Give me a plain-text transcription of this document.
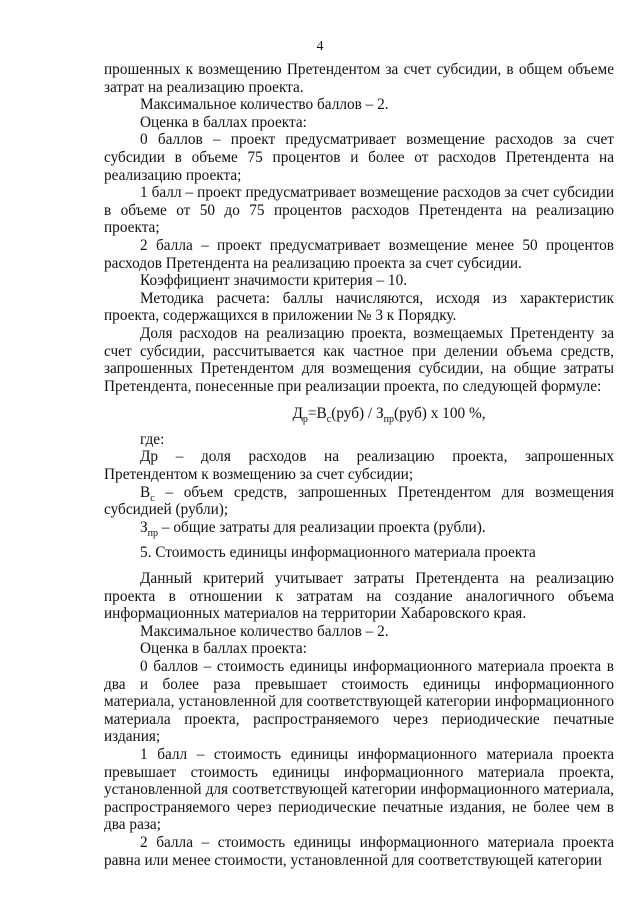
4

прошенных к возмещению Претендентом за счет субсидии, в общем объеме затрат на реализацию проекта.

Максимальное количество баллов – 2.

Оценка в баллах проекта:

0 баллов – проект предусматривает возмещение расходов за счет субсидии в объеме 75 процентов и более от расходов Претендента на реализацию проекта;

1 балл – проект предусматривает возмещение расходов за счет субсидии в объеме от 50 до 75 процентов расходов Претендента на реализацию проекта;

2 балла – проект предусматривает возмещение менее 50 процентов расходов Претендента на реализацию проекта за счет субсидии.

Коэффициент значимости критерия – 10.

Методика расчета: баллы начисляются, исходя из характеристик проекта, содержащихся в приложении № 3 к Порядку.

Доля расходов на реализацию проекта, возмещаемых Претенденту за счет субсидии, рассчитывается как частное при делении объема средств, запрошенных Претендентом для возмещения субсидии, на общие затраты Претендента, понесенные при реализации проекта, по следующей формуле:

$Д_р=В_с(руб) / З_{пр}(руб)$ x 100 %,

где:

Др – доля расходов на реализацию проекта, запрошенных Претендентом к возмещению за счет субсидии;

$В_с$ – объем средств, запрошенных Претендентом для возмещения субсидией (рубли);

$З_{пр}$ – общие затраты для реализации проекта (рубли).

5. Стоимость единицы информационного материала проекта

Данный критерий учитывает затраты Претендента на реализацию проекта в отношении к затратам на создание аналогичного объема информационных материалов на территории Хабаровского края.

Максимальное количество баллов – 2.

Оценка в баллах проекта:

0 баллов – стоимость единицы информационного материала проекта в два и более раза превышает стоимость единицы информационного материала, установленной для соответствующей категории информационного материала проекта, распространяемого через периодические печатные издания;

1 балл – стоимость единицы информационного материала проекта превышает стоимость единицы информационного материала проекта, установленной для соответствующей категории информационного материала, распространяемого через периодические печатные издания, не более чем в два раза;

2 балла – стоимость единицы информационного материала проекта равна или менее стоимости, установленной для соответствующей категории
